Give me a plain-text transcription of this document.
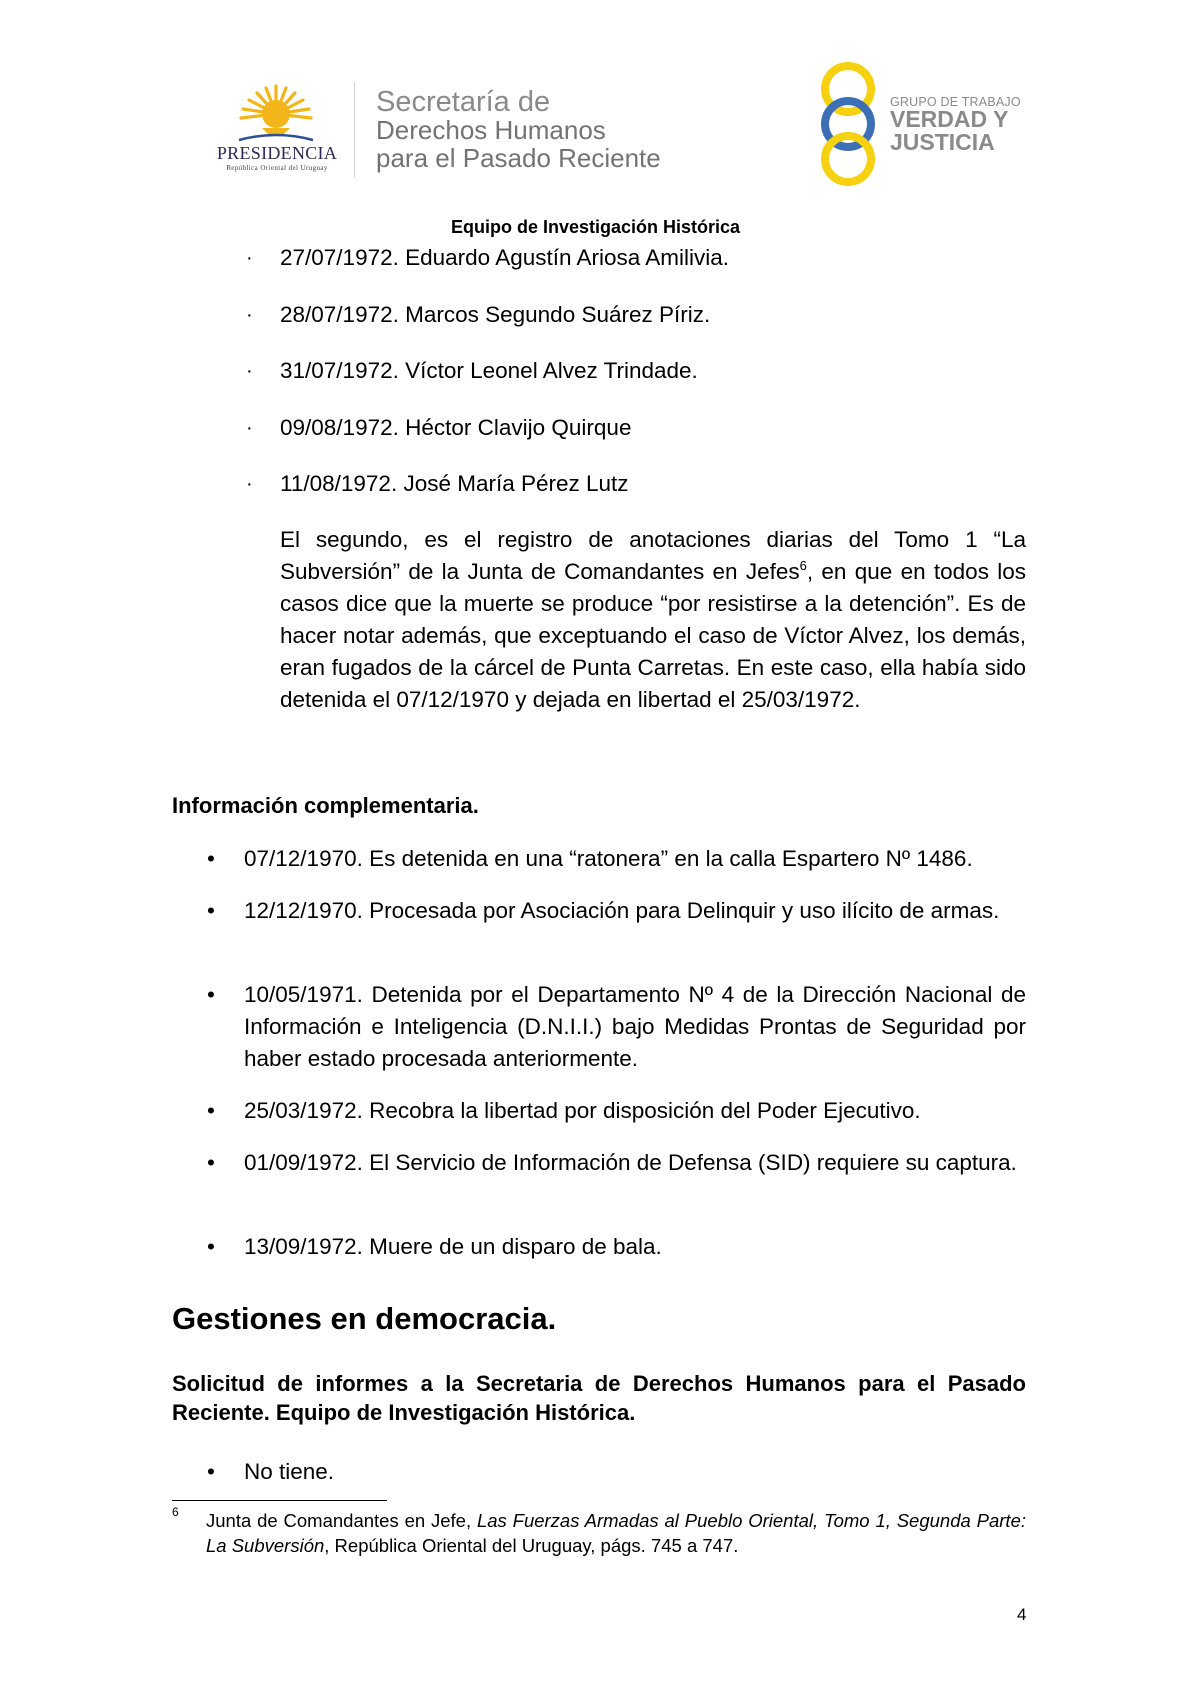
PRESIDENCIA
República Oriental del Uruguay
Secretaría de
Derechos Humanos
para el Pasado Reciente
GRUPO DE TRABAJO
VERDAD Y
JUSTICIA
Equipo de Investigación Histórica
· 27/07/1972. Eduardo Agustín Ariosa Amilivia.
· 28/07/1972. Marcos Segundo Suárez Píriz.
· 31/07/1972. Víctor Leonel Alvez Trindade.
· 09/08/1972. Héctor Clavijo Quirque
· 11/08/1972. José María Pérez Lutz
El segundo, es el registro de anotaciones diarias del Tomo 1 “La Subversión” de la Junta de Comandantes en Jefes$^6$, en que en todos los casos dice que la muerte se produce “por resistirse a la detención”. Es de hacer notar además, que exceptuando el caso de Víctor Alvez, los demás, eran fugados de la cárcel de Punta Carretas. En este caso, ella había sido detenida el 07/12/1970 y dejada en libertad el 25/03/1972.
Información complementaria.
• 07/12/1970. Es detenida en una “ratonera” en la calla Espartero Nº 1486.
• 12/12/1970. Procesada por Asociación para Delinquir y uso ilícito de armas.
• 10/05/1971. Detenida por el Departamento Nº 4 de la Dirección Nacional de Información e Inteligencia (D.N.I.I.) bajo Medidas Prontas de Seguridad por haber estado procesada anteriormente.
• 25/03/1972. Recobra la libertad por disposición del Poder Ejecutivo.
• 01/09/1972. El Servicio de Información de Defensa (SID) requiere su captura.
• 13/09/1972. Muere de un disparo de bala.
Gestiones en democracia.
Solicitud de informes a la Secretaria de Derechos Humanos para el Pasado Reciente. Equipo de Investigación Histórica.
• No tiene.
6 Junta de Comandantes en Jefe, Las Fuerzas Armadas al Pueblo Oriental, Tomo 1, Segunda Parte: La Subversión, República Oriental del Uruguay, págs. 745 a 747.
4
